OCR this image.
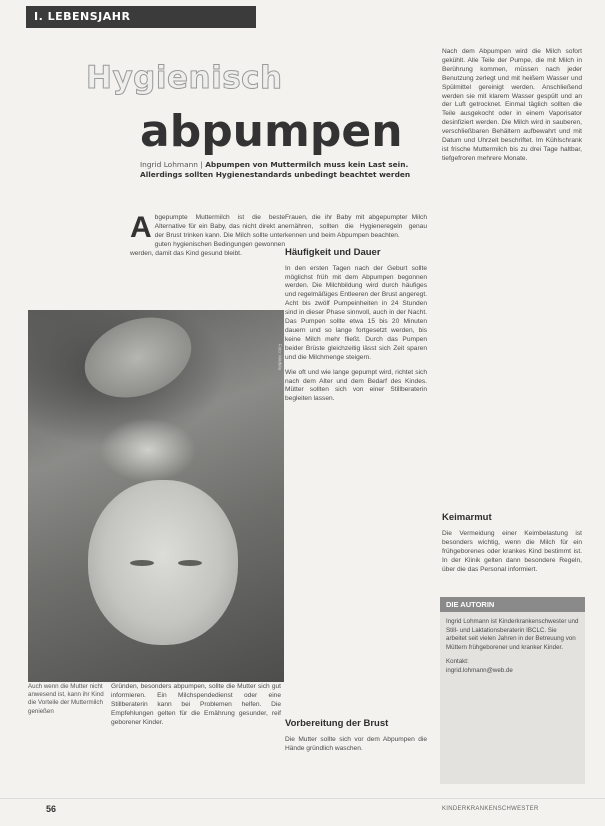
I. LEBENSJAHR
Hygienisch
abpumpen
Ingrid Lohmann | Abpumpen von Muttermilch muss kein Last sein. Allerdings sollten Hygienestandards unbedingt beachtet werden
A bgepumpte Muttermilch ist die beste Alternative für ein Baby, das nicht direkt an der Brust trinken kann. Die Milch sollte unter guten hygienischen Bedingungen gewonnen werden, damit das Kind gesund bleibt.
Frauen, die ihr Baby mit abgepumpter Milch ernähren, sollten die Hygieneregeln genau kennen und beim Abpumpen beachten.
Häufigkeit und Dauer
In den ersten Tagen nach der Geburt sollte möglichst früh mit dem Abpumpen begonnen werden. Die Milchbildung wird durch häufiges und regelmäßiges Entleeren der Brust angeregt. Acht bis zwölf Pumpeinheiten in 24 Stunden sind in dieser Phase sinnvoll, auch in der Nacht. Das Pumpen sollte etwa 15 bis 20 Minuten dauern und so lange fortgesetzt werden, bis keine Milch mehr fließt. Durch das Pumpen beider Brüste gleichzeitig lässt sich Zeit sparen und die Milchmenge steigern.
Wie oft und wie lange gepumpt wird, richtet sich nach dem Alter und dem Bedarf des Kindes. Mütter sollten sich von einer Stillberaterin begleiten lassen.
Foto: Medela
Auch wenn die Mutter nicht anwesend ist, kann ihr Kind die Vorteile der Muttermilch genießen
Gründen, besonders abpumpen, sollte die Mutter sich gut informieren. Ein Milchspendedienst oder eine Stillberaterin kann bei Problemen helfen. Die Empfehlungen gelten für die Ernährung gesunder, reif geborener Kinder.	Vorbereitung der Brust
Die Mutter sollte sich vor dem Abpumpen die Hände gründlich waschen.
Nach dem Abpumpen wird die Milch sofort gekühlt. Alle Teile der Pumpe, die mit Milch in Berührung kommen, müssen nach jeder Benutzung zerlegt und mit heißem Wasser und Spülmittel gereinigt werden. Anschließend werden sie mit klarem Wasser gespült und an der Luft getrocknet. Einmal täglich sollten die Teile ausgekocht oder in einem Vaporisator desinfiziert werden. Die Milch wird in sauberen, verschließbaren Behältern aufbewahrt und mit Datum und Uhrzeit beschriftet. Im Kühlschrank ist frische Muttermilch bis zu drei Tage haltbar, tiefgefroren mehrere Monate.
Keimarmut
Die Vermeidung einer Keimbelastung ist besonders wichtig, wenn die Milch für ein frühgeborenes oder krankes Kind bestimmt ist. In der Klinik gelten dann besondere Regeln, über die das Personal informiert.
DIE AUTORIN
Ingrid Lohmann ist Kinderkrankenschwester und Still- und Laktationsberaterin IBCLC. Sie arbeitet seit vielen Jahren in der Betreuung von Müttern frühgeborener und kranker Kinder.
Kontakt:
ingrid.lohmann@web.de
56	KINDERKRANKENSCHWESTER
